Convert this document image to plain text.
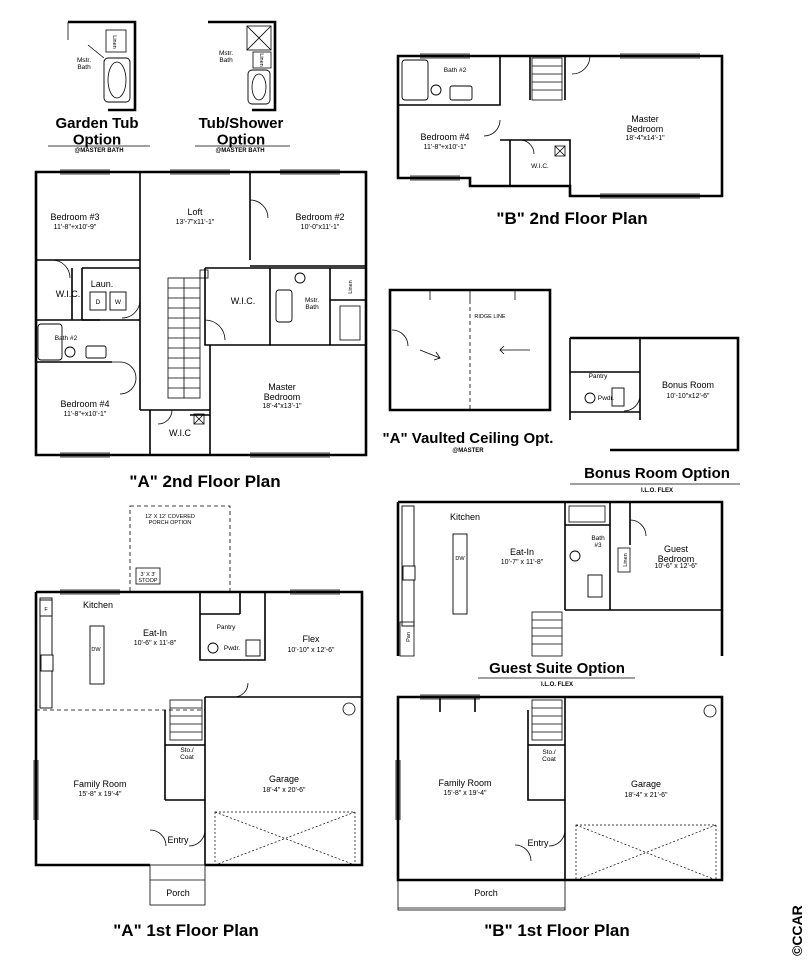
Linen
Mstr. Bath
Garden Tub Option
@MASTER BATH
Linen
Mstr. Bath
Tub/Shower Option
@MASTER BATH
Bedroom #3
11'-8"+x10'-9"
Loft
13'-7"x11'-1"
Bedroom #2
10'-0"x11'-1"
W.I.C.
Laun.
D W	W.I.C.	Mstr. Bath
Linen
Bath #2
Bedroom #4
11'-8"+x10'-1"
Master Bedroom
18'-4"x13'-1"
W.I.C
"A" 2nd Floor Plan
Bath #2
Bedroom #4
11'-8"+x10'-1"
Master Bedroom
18'-4"x14'-1"
W.I.C.
"B" 2nd Floor Plan
RIDGE LINE
"A" Vaulted Ceiling Opt.
@MASTER
Pantry
Pwdr.
Bonus Room
10'-10"x12'-6"
Bonus Room Option
I.L.O. FLEX
DW	Linen
Pan
Kitchen
Eat-In
10'-7" x 11'-8"
Bath #3	Guest Bedroom
10'-6" x 12'-6"
Guest Suite Option
I.L.O. FLEX
12' X 12' COVERED PORCH OPTION
3' X 3' STOOP
DW
F	Kitchen
Eat-In
10'-6" x 11'-8"
Pantry
Pwdr.
Flex
10'-10" x 12'-6"
Family Room
15'-8" x 19'-4"
Sto./ Coat
Garage
18'-4" x 20'-6"
Entry
Porch
"A" 1st Floor Plan
Family Room
15'-8" x 19'-4"
Sto./ Coat
Garage
18'-4" x 21'-6"
Entry
Porch
"B" 1st Floor Plan	©CCAR
